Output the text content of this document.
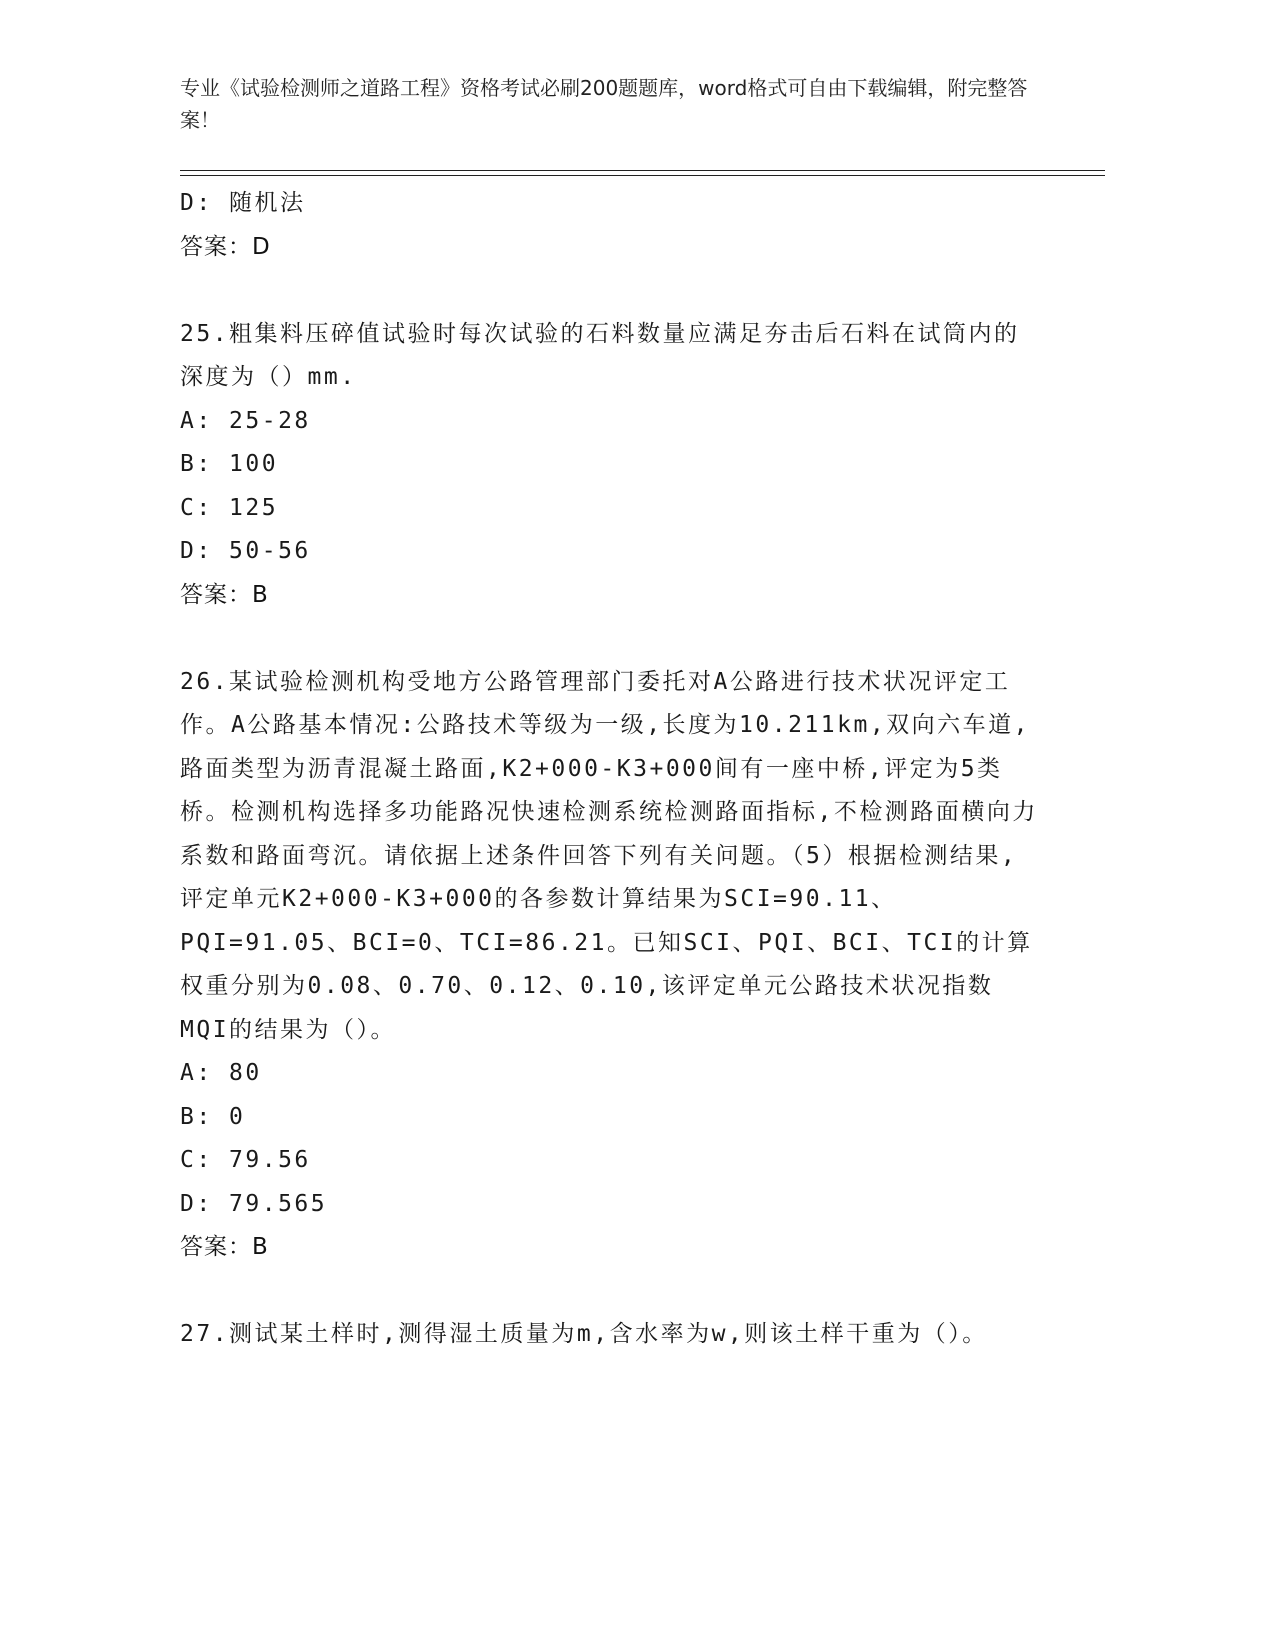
专业《试验检测师之道路工程》资格考试必刷200题题库，word格式可自由下载编辑，附完整答案！
D: 随机法
答案：D
25.粗集料压碎值试验时每次试验的石料数量应满足夯击后石料在试筒内的深度为（）mm.
A: 25-28
B: 100
C: 125
D: 50-56
答案：B
26.某试验检测机构受地方公路管理部门委托对A公路进行技术状况评定工作。A公路基本情况:公路技术等级为一级,长度为10.211km,双向六车道,路面类型为沥青混凝土路面,K2+000-K3+000间有一座中桥,评定为5类桥。检测机构选择多功能路况快速检测系统检测路面指标,不检测路面横向力系数和路面弯沉。请依据上述条件回答下列有关问题。（5）根据检测结果,评定单元K2+000-K3+000的各参数计算结果为SCI=90.11、PQI=91.05、BCI=0、TCI=86.21。已知SCI、PQI、BCI、TCI的计算权重分别为0.08、0.70、0.12、0.10,该评定单元公路技术状况指数MQI的结果为（）。
A: 80
B: 0
C: 79.56
D: 79.565
答案：B
27.测试某土样时,测得湿土质量为m,含水率为w,则该土样干重为（）。
